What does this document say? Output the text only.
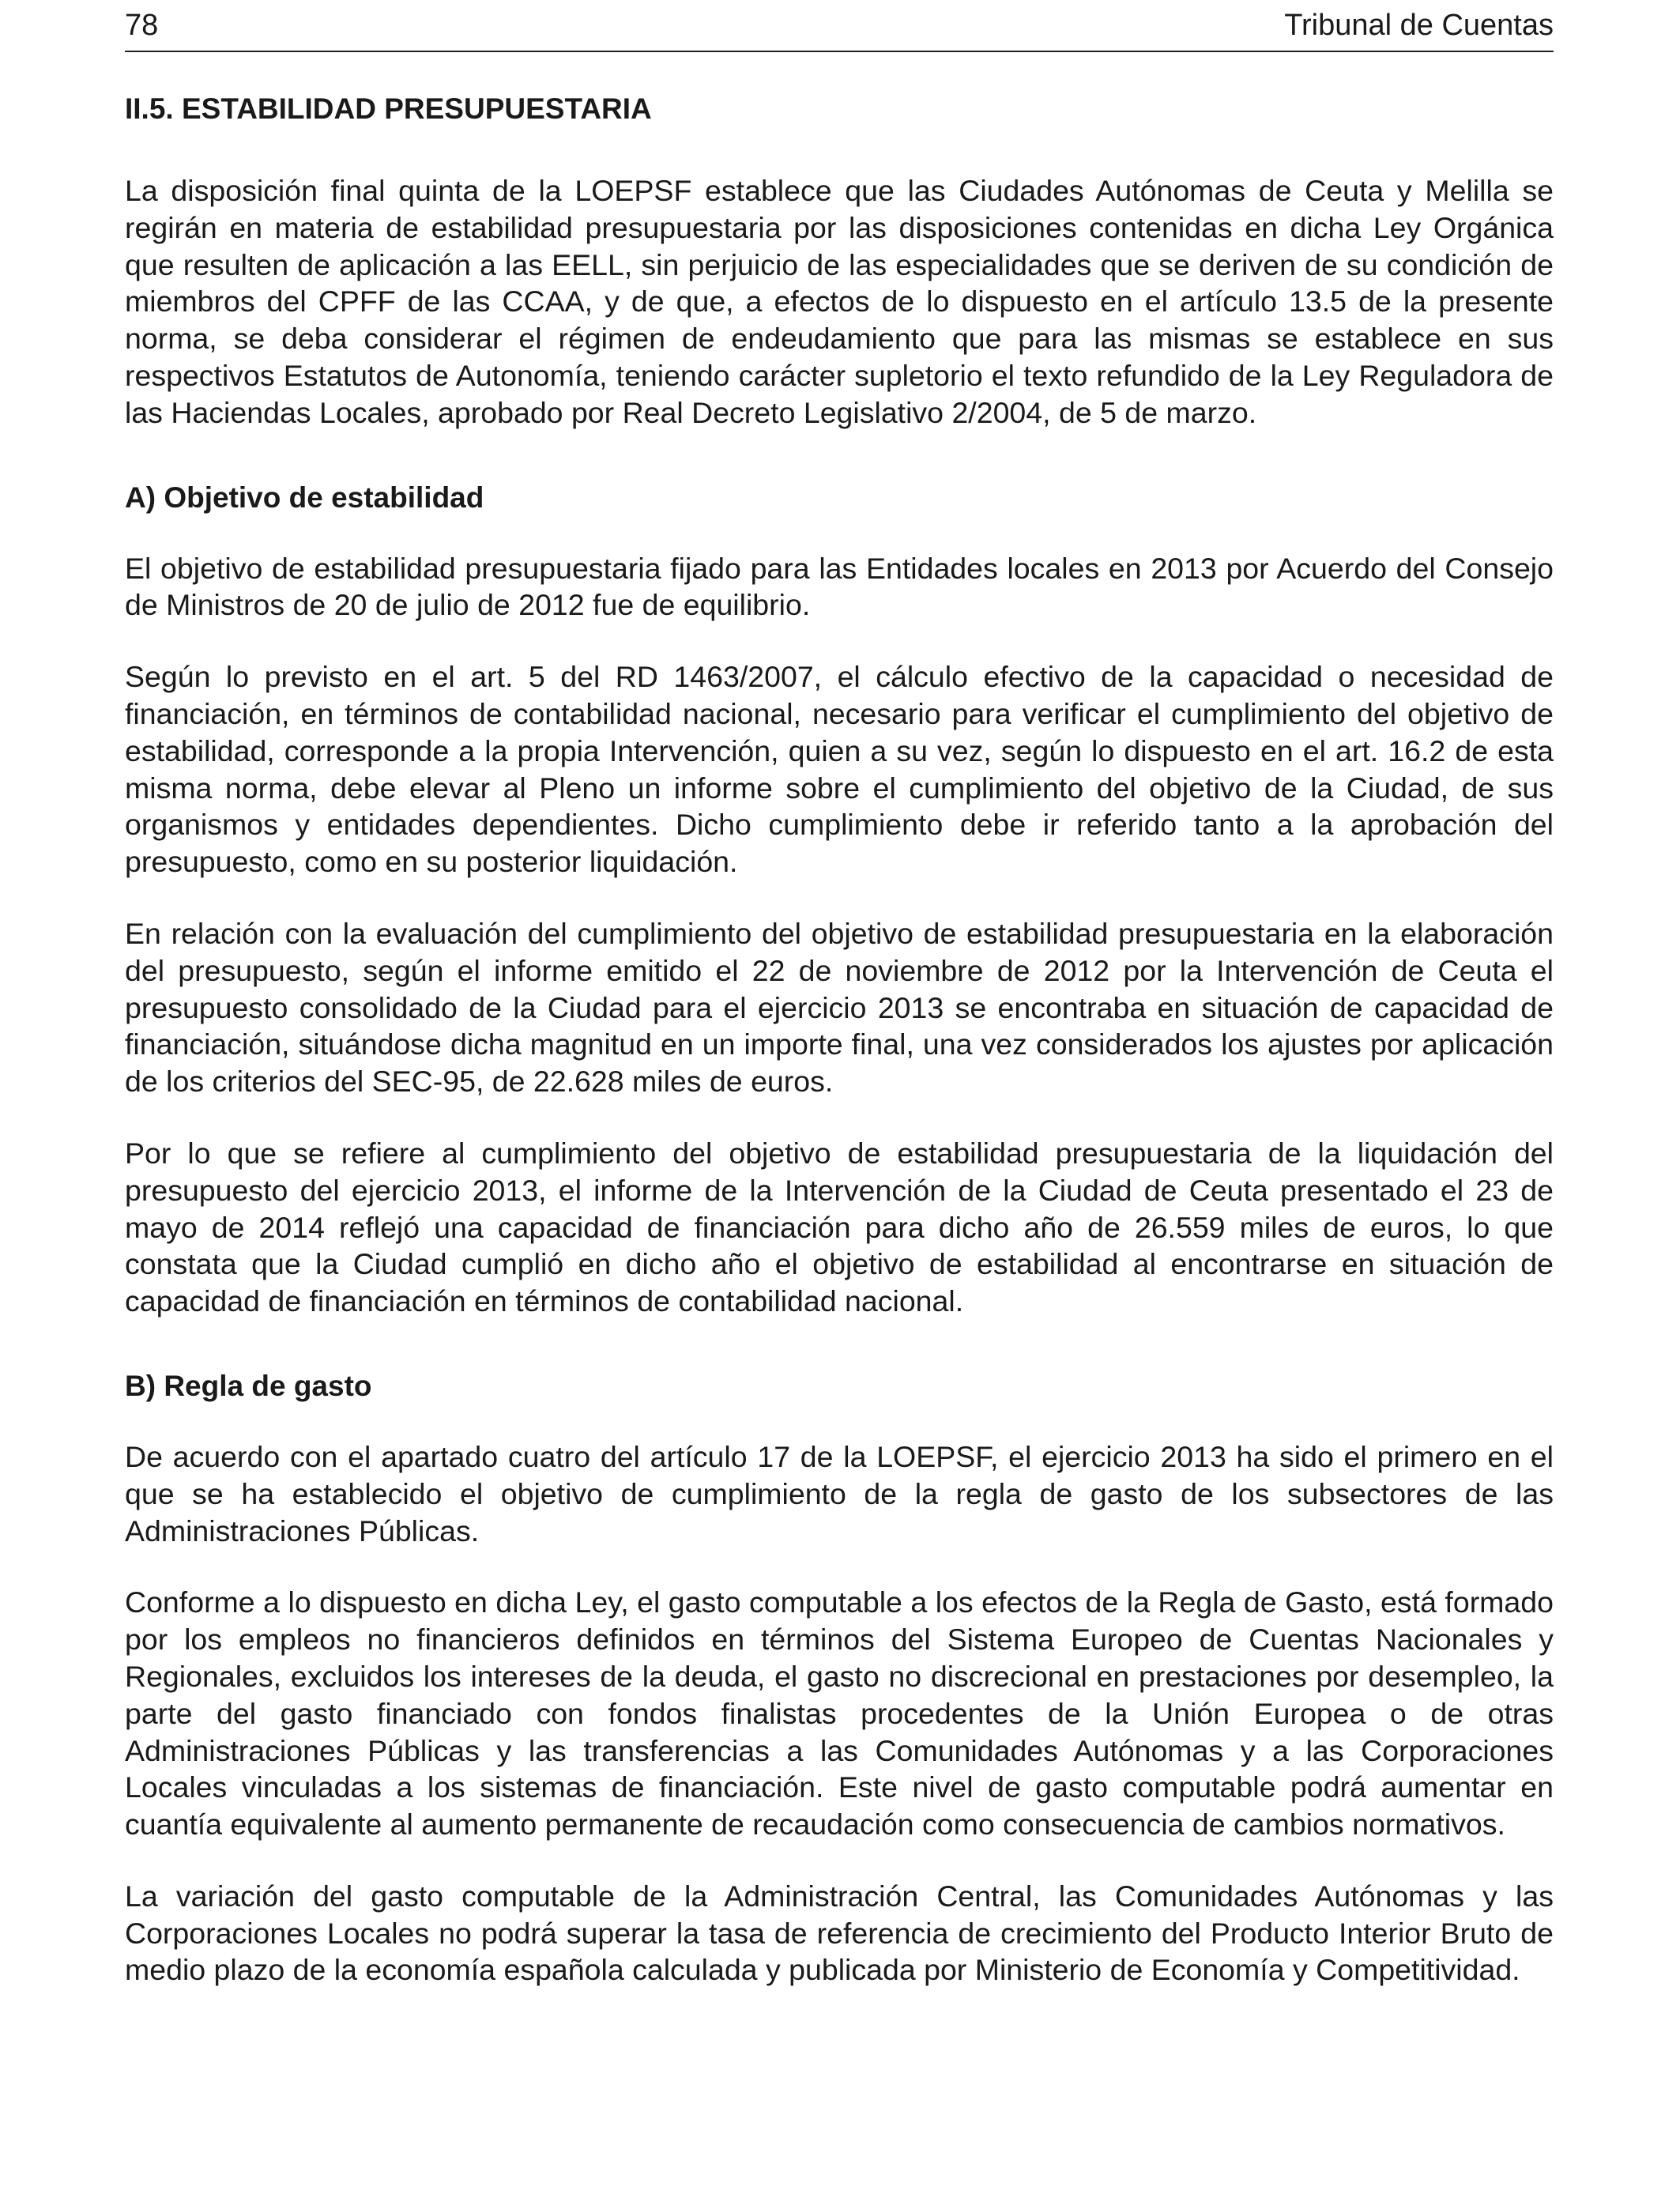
78	Tribunal de Cuentas
II.5. ESTABILIDAD PRESUPUESTARIA

La disposición final quinta de la LOEPSF establece que las Ciudades Autónomas de Ceuta y Melilla se regirán en materia de estabilidad presupuestaria por las disposiciones contenidas en dicha Ley Orgánica que resulten de aplicación a las EELL, sin perjuicio de las especialidades que se deriven de su condición de miembros del CPFF de las CCAA, y de que, a efectos de lo dispuesto en el artículo 13.5 de la presente norma, se deba considerar el régimen de endeudamiento que para las mismas se establece en sus respectivos Estatutos de Autonomía, teniendo carácter supletorio el texto refundido de la Ley Reguladora de las Haciendas Locales, aprobado por Real Decreto Legislativo 2/2004, de 5 de marzo.

A) Objetivo de estabilidad

El objetivo de estabilidad presupuestaria fijado para las Entidades locales en 2013 por Acuerdo del Consejo de Ministros de 20 de julio de 2012 fue de equilibrio.

Según lo previsto en el art. 5 del RD 1463/2007, el cálculo efectivo de la capacidad o necesidad de financiación, en términos de contabilidad nacional, necesario para verificar el cumplimiento del objetivo de estabilidad, corresponde a la propia Intervención, quien a su vez, según lo dispuesto en el art. 16.2 de esta misma norma, debe elevar al Pleno un informe sobre el cumplimiento del objetivo de la Ciudad, de sus organismos y entidades dependientes. Dicho cumplimiento debe ir referido tanto a la aprobación del presupuesto, como en su posterior liquidación.

En relación con la evaluación del cumplimiento del objetivo de estabilidad presupuestaria en la elaboración del presupuesto, según el informe emitido el 22 de noviembre de 2012 por la Intervención de Ceuta el presupuesto consolidado de la Ciudad para el ejercicio 2013 se encontraba en situación de capacidad de financiación, situándose dicha magnitud en un importe final, una vez considerados los ajustes por aplicación de los criterios del SEC-95, de 22.628 miles de euros.

Por lo que se refiere al cumplimiento del objetivo de estabilidad presupuestaria de la liquidación del presupuesto del ejercicio 2013, el informe de la Intervención de la Ciudad de Ceuta presentado el 23 de mayo de 2014 reflejó una capacidad de financiación para dicho año de 26.559 miles de euros, lo que constata que la Ciudad cumplió en dicho año el objetivo de estabilidad al encontrarse en situación de capacidad de financiación en términos de contabilidad nacional.

B) Regla de gasto

De acuerdo con el apartado cuatro del artículo 17 de la LOEPSF, el ejercicio 2013 ha sido el primero en el que se ha establecido el objetivo de cumplimiento de la regla de gasto de los subsectores de las Administraciones Públicas.

Conforme a lo dispuesto en dicha Ley, el gasto computable a los efectos de la Regla de Gasto, está formado por los empleos no financieros definidos en términos del Sistema Europeo de Cuentas Nacionales y Regionales, excluidos los intereses de la deuda, el gasto no discrecional en prestaciones por desempleo, la parte del gasto financiado con fondos finalistas procedentes de la Unión Europea o de otras Administraciones Públicas y las transferencias a las Comunidades Autónomas y a las Corporaciones Locales vinculadas a los sistemas de financiación. Este nivel de gasto computable podrá aumentar en cuantía equivalente al aumento permanente de recaudación como consecuencia de cambios normativos.

La variación del gasto computable de la Administración Central, las Comunidades Autónomas y las Corporaciones Locales no podrá superar la tasa de referencia de crecimiento del Producto Interior Bruto de medio plazo de la economía española calculada y publicada por Ministerio de Economía y Competitividad.
